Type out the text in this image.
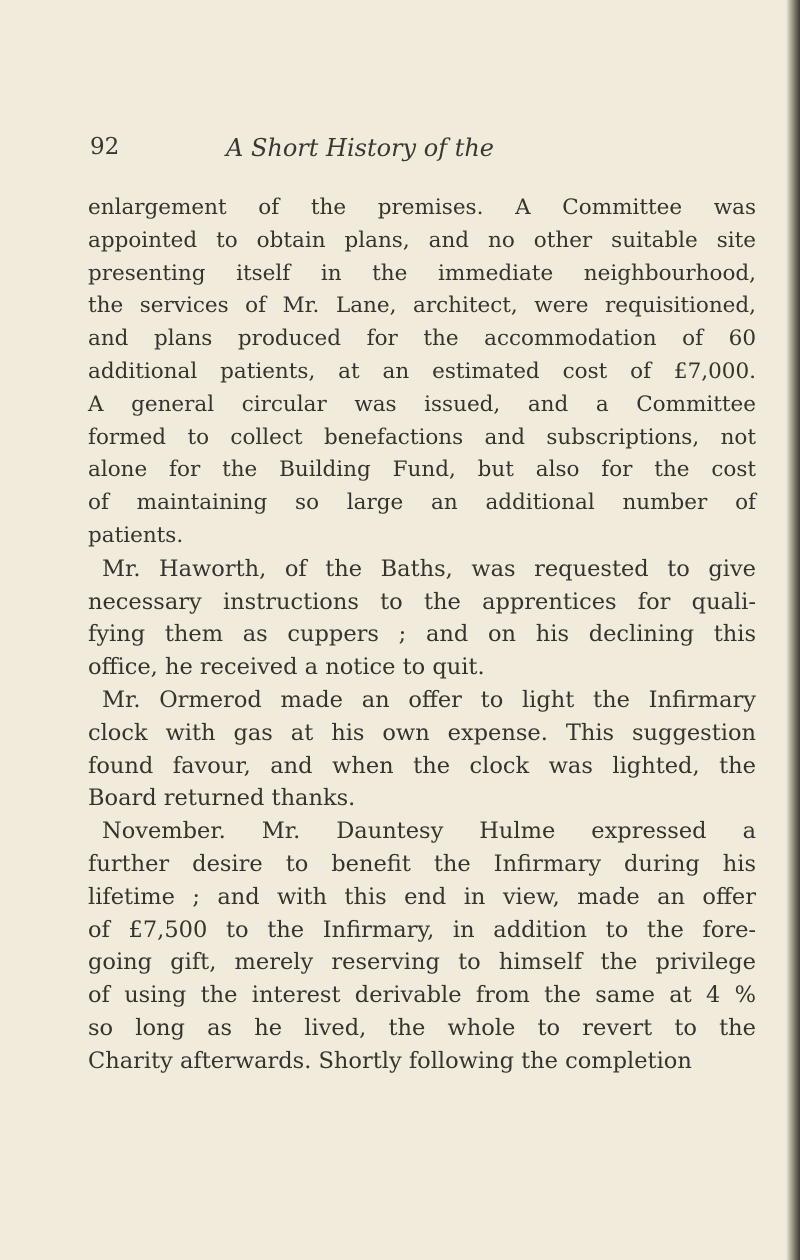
92	A Short History of the
enlargement of the premises. A Committee was
appointed to obtain plans, and no other suitable site
presenting itself in the immediate neighbourhood,
the services of Mr. Lane, architect, were requisitioned,
and plans produced for the accommodation of 60
additional patients, at an estimated cost of £7,000.
A general circular was issued, and a Committee
formed to collect benefactions and subscriptions, not
alone for the Building Fund, but also for the cost
of maintaining so large an additional number of
patients.
Mr. Haworth, of the Baths, was requested to give
necessary instructions to the apprentices for quali-
fying them as cuppers ; and on his declining this
office, he received a notice to quit.
Mr. Ormerod made an offer to light the Infirmary
clock with gas at his own expense. This suggestion
found favour, and when the clock was lighted, the
Board returned thanks.
November. Mr. Dauntesy Hulme expressed a
further desire to benefit the Infirmary during his
lifetime ; and with this end in view, made an offer
of £7,500 to the Infirmary, in addition to the fore-
going gift, merely reserving to himself the privilege
of using the interest derivable from the same at 4 %
so long as he lived, the whole to revert to the
Charity afterwards. Shortly following the completion
